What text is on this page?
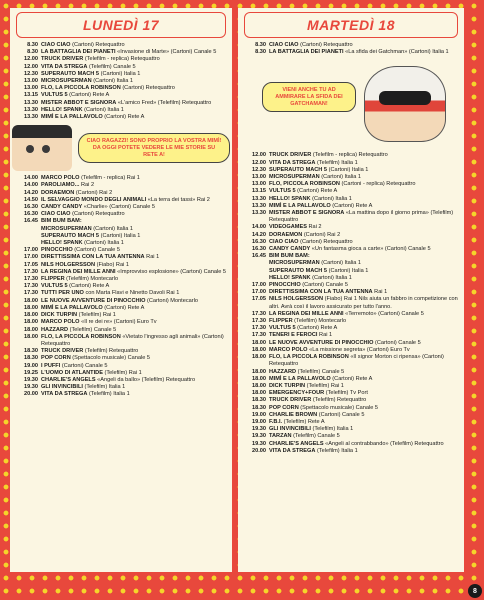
LUNEDÌ 17
8.30 CIAO CIAO (Cartoni) Retequattro
8.30 LA BATTAGLIA DEI PIANETI «Invasione di Marte» (Cartoni) Canale 5
12.00 TRUCK DRIVER (Telefilm - replica) Retequattro
12.00 VITA DA STREGA (Telefilm) Canale 5
12.30 SUPERAUTO MACH 5 (Cartoni) Italia 1
13.00 MICROSUPERMAN (Cartoni) Italia 1
13.00 FLO, LA PICCOLA ROBINSON (Cartoni) Retequattro
13.15 VULTUS 5 (Cartoni) Rete A
13.30 MISTER ABBOT E SIGNORA «L'amico Fred» (Telefilm) Retequattro
13.30 HELLO! SPANK (Cartoni) Italia 1
13.30 MIMÌ E LA PALLAVOLO (Cartoni) Rete A
CIAO RAGAZZI! SONO PROPRIO LA VOSTRA MIMÌ! DA OGGI POTETE VEDERE LE MIE STORIE SU RETE A!
14.00 MARCO POLO (Telefilm - replica) Rai 1
14.00 PAROLIAMO... Rai 2
14.20 DORAEMON (Cartoni) Rai 2
14.50 IL SELVAGGIO MONDO DEGLI ANIMALI «La terra dei tassi» Rai 2
16.30 CANDY CANDY «Charlie» (Cartoni) Canale 5
16.30 CIAO CIAO (Cartoni) Retequattro
16.45 BIM BUM BAM:
MICROSUPERMAN (Cartoni) Italia 1
SUPERAUTO MACH 5 (Cartoni) Italia 1
HELLO! SPANK (Cartoni) Italia 1
17.00 PINOCCHIO (Cartoni) Canale 5
17.00 DIRETTISSIMA CON LA TUA ANTENNA Rai 1
17.05 NILS HOLGERSSON (Fiabo) Rai 1
17.30 LA REGINA DEI MILLE ANNI «Improvviso esplosione» (Cartoni) Canale 5
17.30 FLIPPER (Telefilm) Montecarlo
17.30 VULTUS 5 (Cartoni) Rete A
17.30 TUTTI PER UNO con Marta Flavi e Ninetto Davoli Rai 1
18.00 LE NUOVE AVVENTURE DI PINOCCHIO (Cartoni) Montecarlo
18.00 MIMÌ E LA PALLAVOLO (Cartoni) Rete A
18.00 DICK TURPIN (Telefilm) Rai 1
18.00 MARCO POLO «Il re dei re» (Cartoni) Euro Tv
18.00 HAZZARD (Telefilm) Canale 5
18.00 FLO, LA PICCOLA ROBINSON «Vietato l'ingresso agli animali» (Cartoni) Retequattro
18.30 TRUCK DRIVER (Telefilm) Retequattro
18.30 POP CORN (Spettacolo musicale) Canale 5
19.00 I PUFFI (Cartoni) Canale 5
19.25 L'UOMO DI ATLANTIDE (Telefilm) Rai 1
19.30 CHARLIE'S ANGELS «Angeli da ballo» (Telefilm) Retequattro
19.30 GLI INVINCIBILI (Telefilm) Italia 1
20.00 VITA DA STREGA (Telefilm) Italia 1
MARTEDÌ 18
8.30 CIAO CIAO (Cartoni) Retequattro
8.30 LA BATTAGLIA DEI PIANETI «La sfida dei Gatchman» (Cartoni) Italia 1
VIENI ANCHE TU AD AMMIRARE LA SFIDA DEI GATCHAMAN!
12.00 TRUCK DRIVER (Telefilm - replica) Retequattro
12.00 VITA DA STREGA (Telefilm) Italia 1
12.30 SUPERAUTO MACH 5 (Cartoni) Italia 1
13.00 MICROSUPERMAN (Cartoni) Italia 1
13.00 FLO, PICCOLA ROBINSON (Cartoni - replica) Retequattro
13.15 VULTUS 5 (Cartoni) Rete A
13.30 HELLO! SPANK (Cartoni) Italia 1
13.30 MIMÌ E LA PALLAVOLO (Cartoni) Rete A
13.30 MISTER ABBOT E SIGNORA «La mattina dopo il giorno prima» (Telefilm) Retequattro
14.00 VIDEOGAMES Rai 2
14.20 DORAEMON (Cartoni) Rai 2
16.30 CIAO CIAO (Cartoni) Retequattro
16.30 CANDY CANDY «Un fantasma gioca a carte» (Cartoni) Canale 5
16.45 BIM BUM BAM:
MICROSUPERMAN (Cartoni) Italia 1
SUPERAUTO MACH 5 (Cartoni) Italia 1
HELLO! SPANK (Cartoni) Italia 1
17.00 PINOCCHIO (Cartoni) Canale 5
17.00 DIRETTISSIMA CON LA TUA ANTENNA Rai 1
17.05 NILS HOLGERSSON (Fiabo) Rai 1 Nils aiuta un fabbro in competizione con altri. Avrà così il lavoro assicurato per tutto l'anno.
17.30 LA REGINA DEI MILLE ANNI «Terremoto» (Cartoni) Canale 5
17.30 FLIPPER (Telefilm) Montecarlo
17.30 VULTUS 5 (Cartoni) Rete A
17.30 TENERI E FEROCI Rai 1
18.00 LE NUOVE AVVENTURE DI PINOCCHIO (Cartoni) Canale 5
18.00 MARCO POLO «La missione segreta» (Cartoni) Euro Tv
18.00 FLO, LA PICCOLA ROBINSON «Il signor Morton ci ripensa» (Cartoni) Retequattro
18.00 HAZZARD (Telefilm) Canale 5
18.00 MIMÌ E LA PALLAVOLO (Cartoni) Rete A
18.00 DICK TURPIN (Telefilm) Rai 1
18.00 EMERGENCY+FOUR (Telefilm) Tv Port
18.30 TRUCK DRIVER (Telefilm) Retequattro
18.30 POP CORN (Spettacolo musicale) Canale 5
19.00 CHARLIE BROWN (Cartoni) Canale 5
19.00 F.B.I. (Telefilm) Rete A
19.30 GLI INVINCIBILI (Telefilm) Italia 1
19.30 TARZAN (Telefilm) Canale 5
19.30 CHARLIE'S ANGELS «Angeli al contrabbando» (Telefilm) Retequattro
20.00 VITA DA STREGA (Telefilm) Italia 1
8
